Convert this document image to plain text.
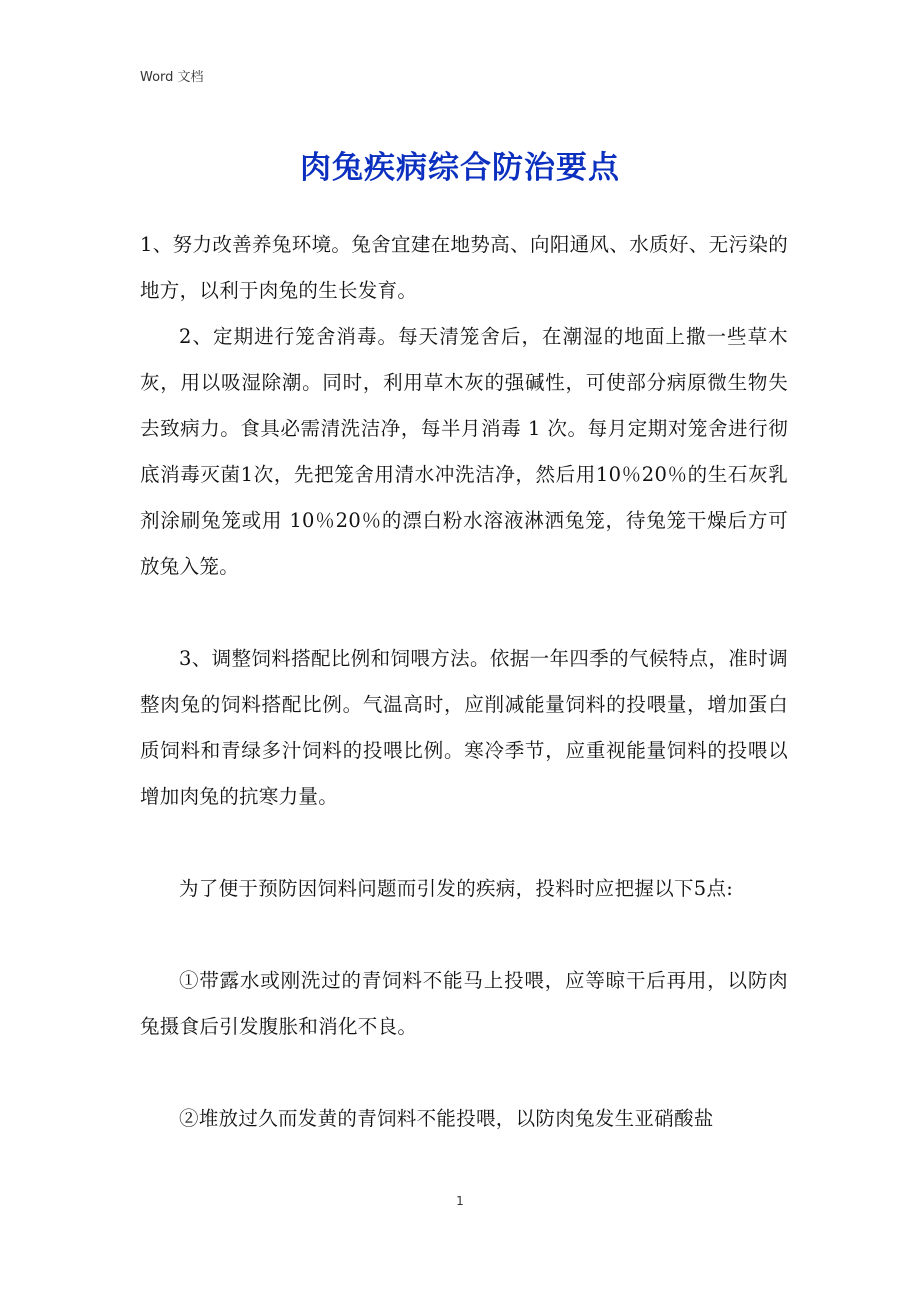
Word 文档
肉兔疾病综合防治要点

1、努力改善养兔环境。兔舍宜建在地势高、向阳通风、水质好、无污染的地方，以利于肉兔的生长发育。

2、定期进行笼舍消毒。每天清笼舍后，在潮湿的地面上撒一些草木灰，用以吸湿除潮。同时，利用草木灰的强碱性，可使部分病原微生物失去致病力。食具必需清洗洁净，每半月消毒 1 次。每月定期对笼舍进行彻底消毒灭菌1次，先把笼舍用清水冲洗洁净，然后用10％20％的生石灰乳剂涂刷兔笼或用 10％20％的漂白粉水溶液淋洒兔笼，待兔笼干燥后方可放兔入笼。

3、调整饲料搭配比例和饲喂方法。依据一年四季的气候特点，准时调整肉兔的饲料搭配比例。气温高时，应削减能量饲料的投喂量，增加蛋白质饲料和青绿多汁饲料的投喂比例。寒冷季节，应重视能量饲料的投喂以增加肉兔的抗寒力量。

为了便于预防因饲料问题而引发的疾病，投料时应把握以下5点:

①带露水或刚洗过的青饲料不能马上投喂，应等晾干后再用，以防肉兔摄食后引发腹胀和消化不良。

②堆放过久而发黄的青饲料不能投喂，以防肉兔发生亚硝酸盐

1
